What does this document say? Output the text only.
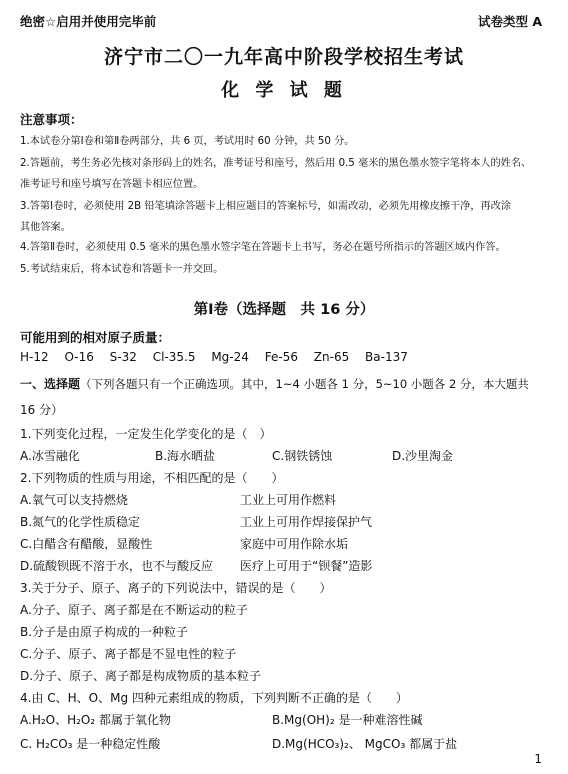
绝密☆启用并使用完毕前	试卷类型 A
济宁市二〇一九年高中阶段学校招生考试
化 学 试 题
注意事项：
1.本试卷分第Ⅰ卷和第Ⅱ卷两部分，共 6 页，考试用时 60 分钟，共 50 分。
2.答题前，考生务必先核对条形码上的姓名，准考证号和座号，然后用 0.5 毫米的黑色墨水签字笔将本人的姓名、
准考证号和座号填写在答题卡相应位置。
3.答第Ⅰ卷时，必须使用 2B 铅笔填涂答题卡上相应题目的答案标号，如需改动，必须先用橡皮擦干净，再改涂
其他答案。
4.答第Ⅱ卷时，必须使用 0.5 毫米的黑色墨水签字笔在答题卡上书写，务必在题号所指示的答题区域内作答。
5.考试结束后，将本试卷和答题卡一并交回。
第Ⅰ卷（选择题　共 16 分）
可能用到的相对原子质量：
H-12 O-16 S-32 Cl-35.5 Mg-24 Fe-56 Zn-65 Ba-137
一、选择题（下列各题只有一个正确选项。其中，1~4 小题各 1 分，5~10 小题各 2 分，本大题共
16 分）
1.下列变化过程，一定发生化学变化的是（　）
A.冰雪融化	B.海水晒盐	C.钢铁锈蚀	D.沙里淘金
2.下列物质的性质与用途，不相匹配的是（　　）
A.氧气可以支持燃烧	工业上可用作燃料
B.氮气的化学性质稳定	工业上可用作焊接保护气
C.白醋含有醋酸，显酸性	家庭中可用作除水垢
D.硫酸钡既不溶于水，也不与酸反应 医疗上可用于“钡餐”造影
3.关于分子、原子、离子的下列说法中，错误的是（　　）
A.分子、原子、离子都是在不断运动的粒子
B.分子是由原子构成的一种粒子
C.分子、原子、离子都是不显电性的粒子
D.分子、原子、离子都是构成物质的基本粒子
4.由 C、H、O、Mg 四种元素组成的物质，下列判断不正确的是（　　）
A.H₂O、H₂O₂ 都属于氧化物	B.Mg(OH)₂ 是一种难溶性碱
C. H₂CO₃ 是一种稳定性酸	D.Mg(HCO₃)₂、 MgCO₃ 都属于盐
1
